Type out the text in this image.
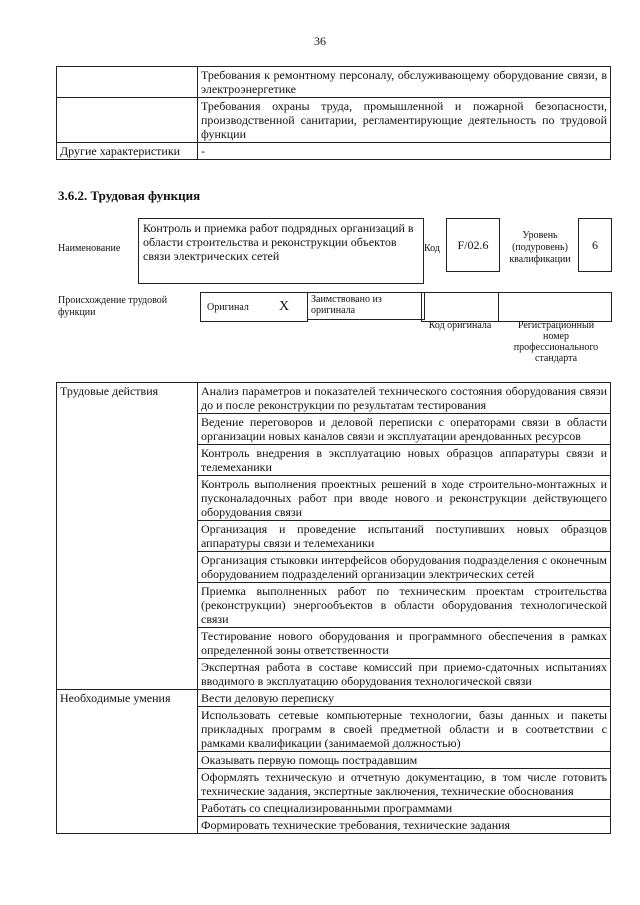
36
	Требования к ремонтному персоналу, обслуживающему оборудование связи, в электроэнергетике
	Требования охраны труда, промышленной и пожарной безопасности, производственной санитарии, регламентирующие деятельность по трудовой функции
Другие характеристики	-
3.6.2. Трудовая функция
Наименование
Контроль и приемка работ подрядных организаций в области строительства и реконструкции объектов связи электрических сетей
Код	F/02.6
Уровень (подуровень) квалификации
6
Происхождение трудовой функции	Оригинал X	Заимствовано из оригинала
Код оригинала	Регистрационный номер профессионального стандарта
Трудовые действия	Анализ параметров и показателей технического состояния оборудования связи до и после реконструкции по результатам тестирования
	Ведение переговоров и деловой переписки с операторами связи в области организации новых каналов связи и эксплуатации арендованных ресурсов
	Контроль внедрения в эксплуатацию новых образцов аппаратуры связи и телемеханики
	Контроль выполнения проектных решений в ходе строительно-монтажных и пусконаладочных работ при вводе нового и реконструкции действующего оборудования связи
	Организация и проведение испытаний поступивших новых образцов аппаратуры связи и телемеханики
	Организация стыковки интерфейсов оборудования подразделения с оконечным оборудованием подразделений организации электрических сетей
	Приемка выполненных работ по техническим проектам строительства (реконструкции) энергообъектов в области оборудования технологической связи
	Тестирование нового оборудования и программного обеспечения в рамках определенной зоны ответственности
	Экспертная работа в составе комиссий при приемо-сдаточных испытаниях вводимого в эксплуатацию оборудования технологической связи
Необходимые умения	Вести деловую переписку
	Использовать сетевые компьютерные технологии, базы данных и пакеты прикладных программ в своей предметной области и в соответствии с рамками квалификации (занимаемой должностью)
	Оказывать первую помощь пострадавшим
	Оформлять техническую и отчетную документацию, в том числе готовить технические задания, экспертные заключения, технические обоснования
	Работать со специализированными программами
	Формировать технические требования, технические задания
